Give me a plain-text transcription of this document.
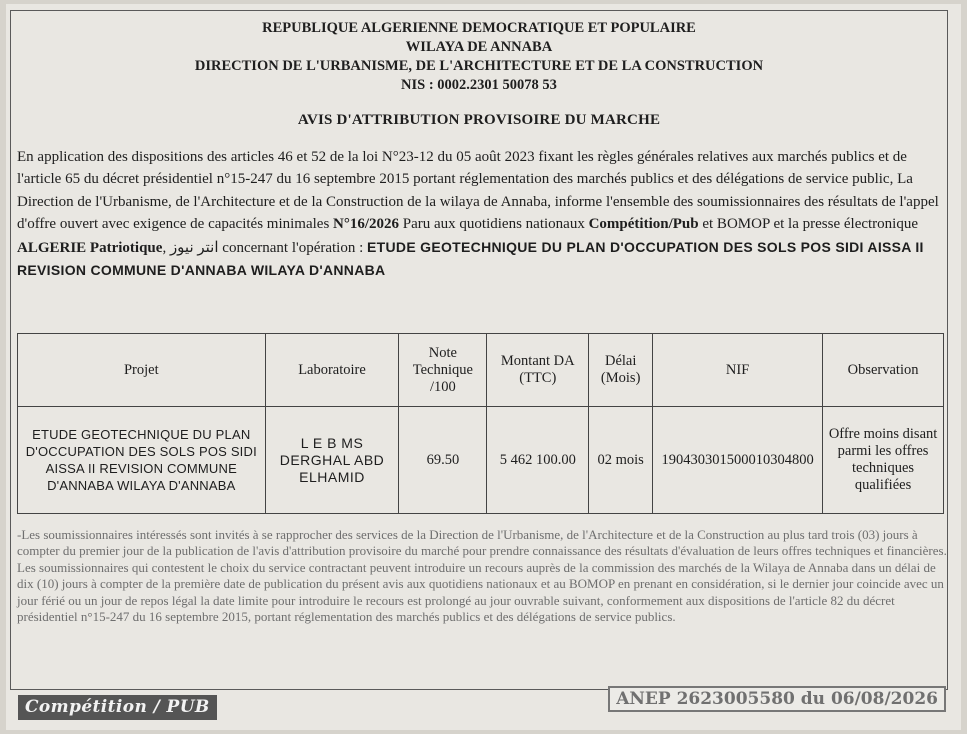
REPUBLIQUE ALGERIENNE DEMOCRATIQUE ET POPULAIRE
WILAYA DE ANNABA
DIRECTION DE L'URBANISME, DE L'ARCHITECTURE ET DE LA CONSTRUCTION
NIS : 0002.2301 50078 53
AVIS D'ATTRIBUTION PROVISOIRE DU MARCHE
En application des dispositions des articles 46 et 52 de la loi N°23-12 du 05 août 2023 fixant les règles générales relatives aux marchés publics et de l'article 65 du décret présidentiel n°15-247 du 16 septembre 2015 portant réglementation des marchés publics et des délégations de service public, La Direction de l'Urbanisme, de l'Architecture et de la Construction de la wilaya de Annaba, informe l'ensemble des soumissionnaires des résultats de l'appel d'offre ouvert avec exigence de capacités minimales N°16/2026 Paru aux quotidiens nationaux Compétition/Pub et BOMOP et la presse électronique ALGERIE Patriotique, انتر نيوز concernant l'opération : ETUDE GEOTECHNIQUE DU PLAN D'OCCUPATION DES SOLS POS SIDI AISSA II REVISION COMMUNE D'ANNABA WILAYA D'ANNABA
Projet	Laboratoire	Note Technique /100	Montant DA (TTC)	Délai (Mois)	NIF	Observation
ETUDE GEOTECHNIQUE DU PLAN D'OCCUPATION DES SOLS POS SIDI AISSA II REVISION COMMUNE D'ANNABA WILAYA D'ANNABA	L E B MS DERGHAL ABD ELHAMID	69.50	5 462 100.00	02 mois	190430301500010304800	Offre moins disant parmi les offres techniques qualifiées

-Les soumissionnaires intéressés sont invités à se rapprocher des services de la Direction de l'Urbanisme, de l'Architecture et de la Construction au plus tard trois (03) jours à compter du premier jour de la publication de l'avis d'attribution provisoire du marché pour prendre connaissance des résultats d'évaluation de leurs offres techniques et financières.

Les soumissionnaires qui contestent le choix du service contractant peuvent introduire un recours auprès de la commission des marchés de la Wilaya de Annaba dans un délai de dix (10) jours à compter de la première date de publication du présent avis aux quotidiens nationaux et au BOMOP en prenant en considération, si le dernier jour coincide avec un jour férié ou un jour de repos légal la date limite pour introduire le recours est prolongé au jour ouvrable suivant, conformement aux dispositions de l'article 82 du décret présidentiel n°15-247 du 16 septembre 2015, portant réglementation des marchés publics et des délégations de service publics.

Compétition / PUB	ANEP 2623005580 du 06/08/2026
